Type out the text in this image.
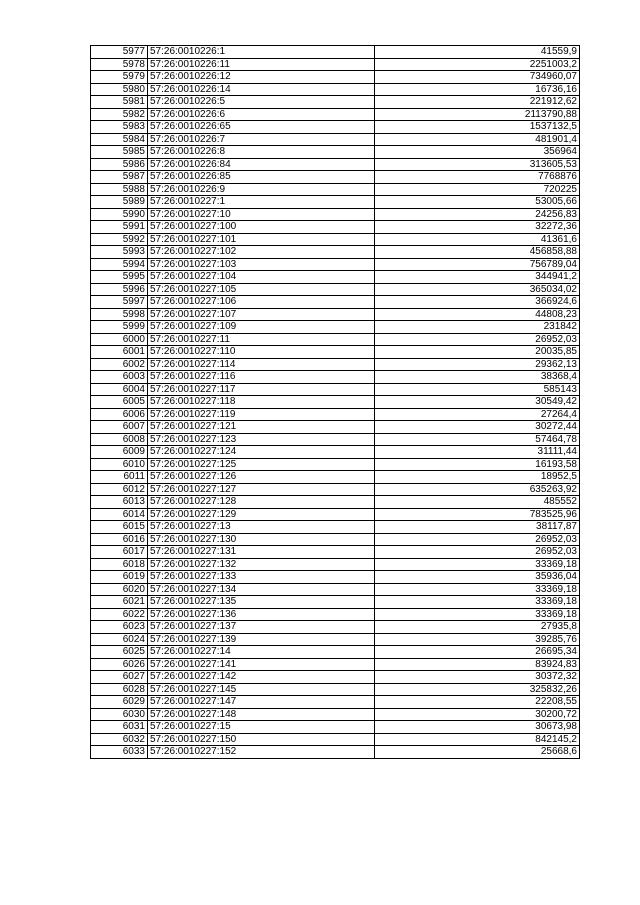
5977	57:26:0010226:1	41559,9
5978	57:26:0010226:11	2251003,2
5979	57:26:0010226:12	734960,07
5980	57:26:0010226:14	16736,16
5981	57:26:0010226:5	221912,62
5982	57:26:0010226:6	2113790,88
5983	57:26:0010226:65	1537132,5
5984	57:26:0010226:7	481901,4
5985	57:26:0010226:8	356964
5986	57:26:0010226:84	313605,53
5987	57:26:0010226:85	7768876
5988	57:26:0010226:9	720225
5989	57:26:0010227:1	53005,66
5990	57:26:0010227:10	24256,83
5991	57:26:0010227:100	32272,36
5992	57:26:0010227:101	41361,6
5993	57:26:0010227:102	456858,88
5994	57:26:0010227:103	756789,04
5995	57:26:0010227:104	344941,2
5996	57:26:0010227:105	365034,02
5997	57:26:0010227:106	366924,6
5998	57:26:0010227:107	44808,23
5999	57:26:0010227:109	231842
6000	57:26:0010227:11	26952,03
6001	57:26:0010227:110	20035,85
6002	57:26:0010227:114	29362,13
6003	57:26:0010227:116	38368,4
6004	57:26:0010227:117	585143
6005	57:26:0010227:118	30549,42
6006	57:26:0010227:119	27264,4
6007	57:26:0010227:121	30272,44
6008	57:26:0010227:123	57464,78
6009	57:26:0010227:124	31111,44
6010	57:26:0010227:125	16193,58
6011	57:26:0010227:126	18952,5
6012	57:26:0010227:127	635263,92
6013	57:26:0010227:128	485552
6014	57:26:0010227:129	783525,96
6015	57:26:0010227:13	38117,87
6016	57:26:0010227:130	26952,03
6017	57:26:0010227:131	26952,03
6018	57:26:0010227:132	33369,18
6019	57:26:0010227:133	35936,04
6020	57:26:0010227:134	33369,18
6021	57:26:0010227:135	33369,18
6022	57:26:0010227:136	33369,18
6023	57:26:0010227:137	27935,8
6024	57:26:0010227:139	39285,76
6025	57:26:0010227:14	26695,34
6026	57:26:0010227:141	83924,83
6027	57:26:0010227:142	30372,32
6028	57:26:0010227:145	325832,26
6029	57:26:0010227:147	22208,55
6030	57:26:0010227:148	30200,72
6031	57:26:0010227:15	30673,98
6032	57:26:0010227:150	842145,2
6033	57:26:0010227:152	25668,6
